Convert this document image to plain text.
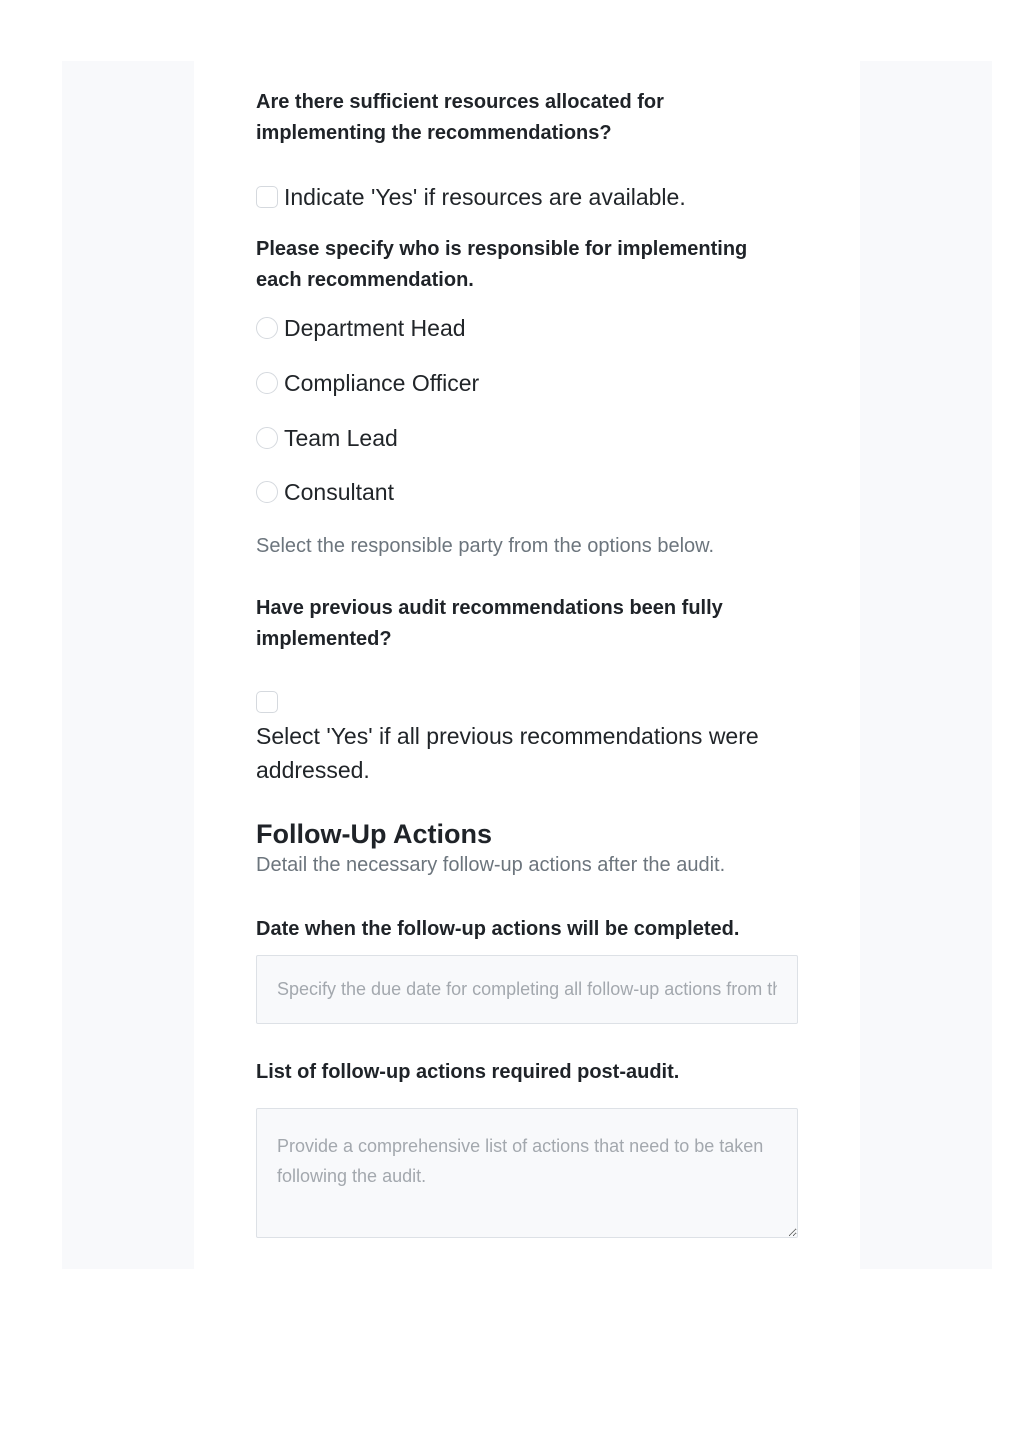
Are there sufficient resources allocated for implementing the recommendations?
Indicate 'Yes' if resources are available.
Please specify who is responsible for implementing each recommendation.
Department Head
Compliance Officer
Team Lead
Consultant
Select the responsible party from the options below.
Have previous audit recommendations been fully implemented?
Select 'Yes' if all previous recommendations were addressed.
Follow-Up Actions
Detail the necessary follow-up actions after the audit.
Date when the follow-up actions will be completed.
Specify the due date for completing all follow-up actions from the audit.
List of follow-up actions required post-audit.
Provide a comprehensive list of actions that need to be taken following the audit.
